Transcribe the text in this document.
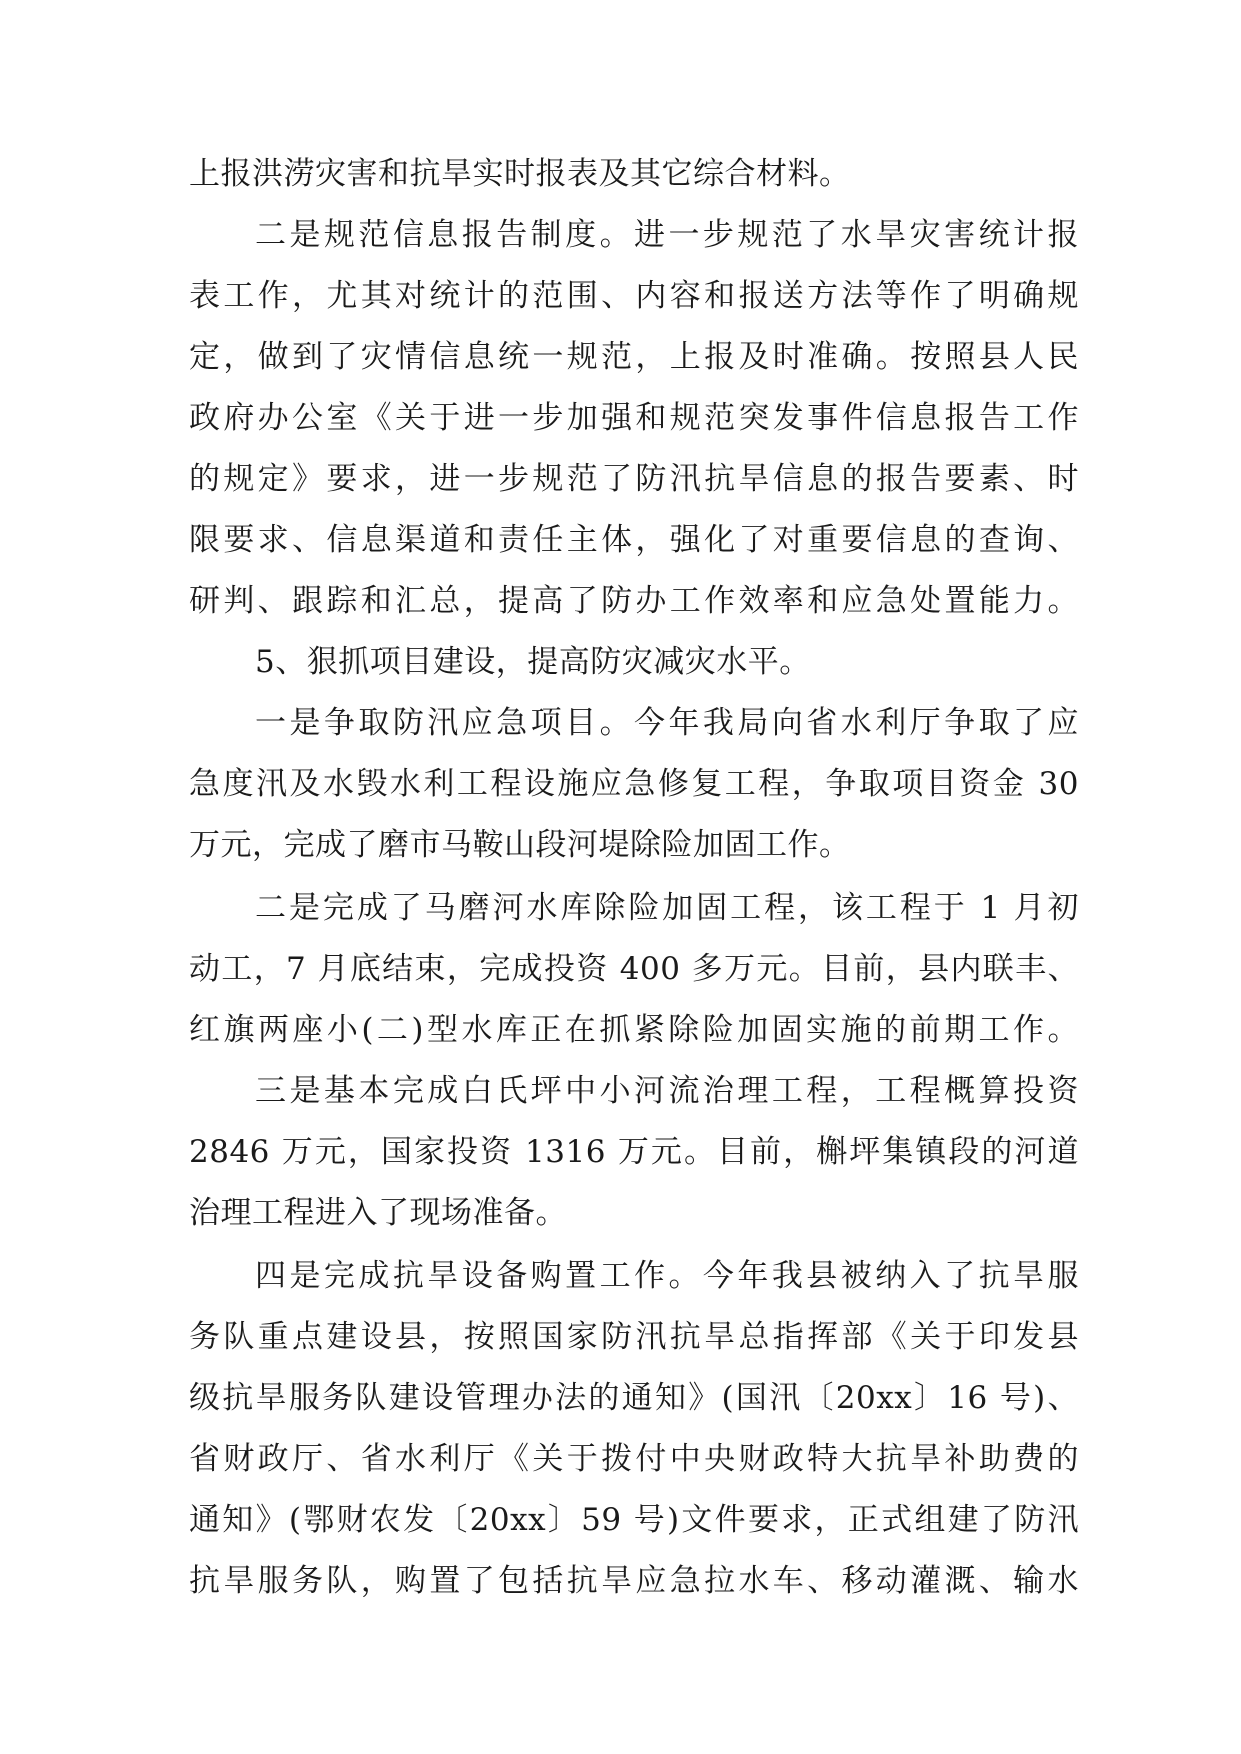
上报洪涝灾害和抗旱实时报表及其它综合材料。
二是规范信息报告制度。进一步规范了水旱灾害统计报
表工作，尤其对统计的范围、内容和报送方法等作了明确规
定，做到了灾情信息统一规范，上报及时准确。按照县人民
政府办公室《关于进一步加强和规范突发事件信息报告工作
的规定》要求，进一步规范了防汛抗旱信息的报告要素、时
限要求、信息渠道和责任主体，强化了对重要信息的查询、
研判、跟踪和汇总，提高了防办工作效率和应急处置能力。
5、狠抓项目建设，提高防灾减灾水平。
一是争取防汛应急项目。今年我局向省水利厅争取了应
急度汛及水毁水利工程设施应急修复工程，争取项目资金 30
万元，完成了磨市马鞍山段河堤除险加固工作。
二是完成了马磨河水库除险加固工程，该工程于 1 月初
动工，7 月底结束，完成投资 400 多万元。目前，县内联丰、
红旗两座小(二)型水库正在抓紧除险加固实施的前期工作。
三是基本完成白氏坪中小河流治理工程，工程概算投资
2846 万元，国家投资 1316 万元。目前，槲坪集镇段的河道
治理工程进入了现场准备。
四是完成抗旱设备购置工作。今年我县被纳入了抗旱服
务队重点建设县，按照国家防汛抗旱总指挥部《关于印发县
级抗旱服务队建设管理办法的通知》(国汛〔20xx〕16 号)、
省财政厅、省水利厅《关于拨付中央财政特大抗旱补助费的
通知》(鄂财农发〔20xx〕59 号)文件要求，正式组建了防汛
抗旱服务队，购置了包括抗旱应急拉水车、移动灌溉、输水
